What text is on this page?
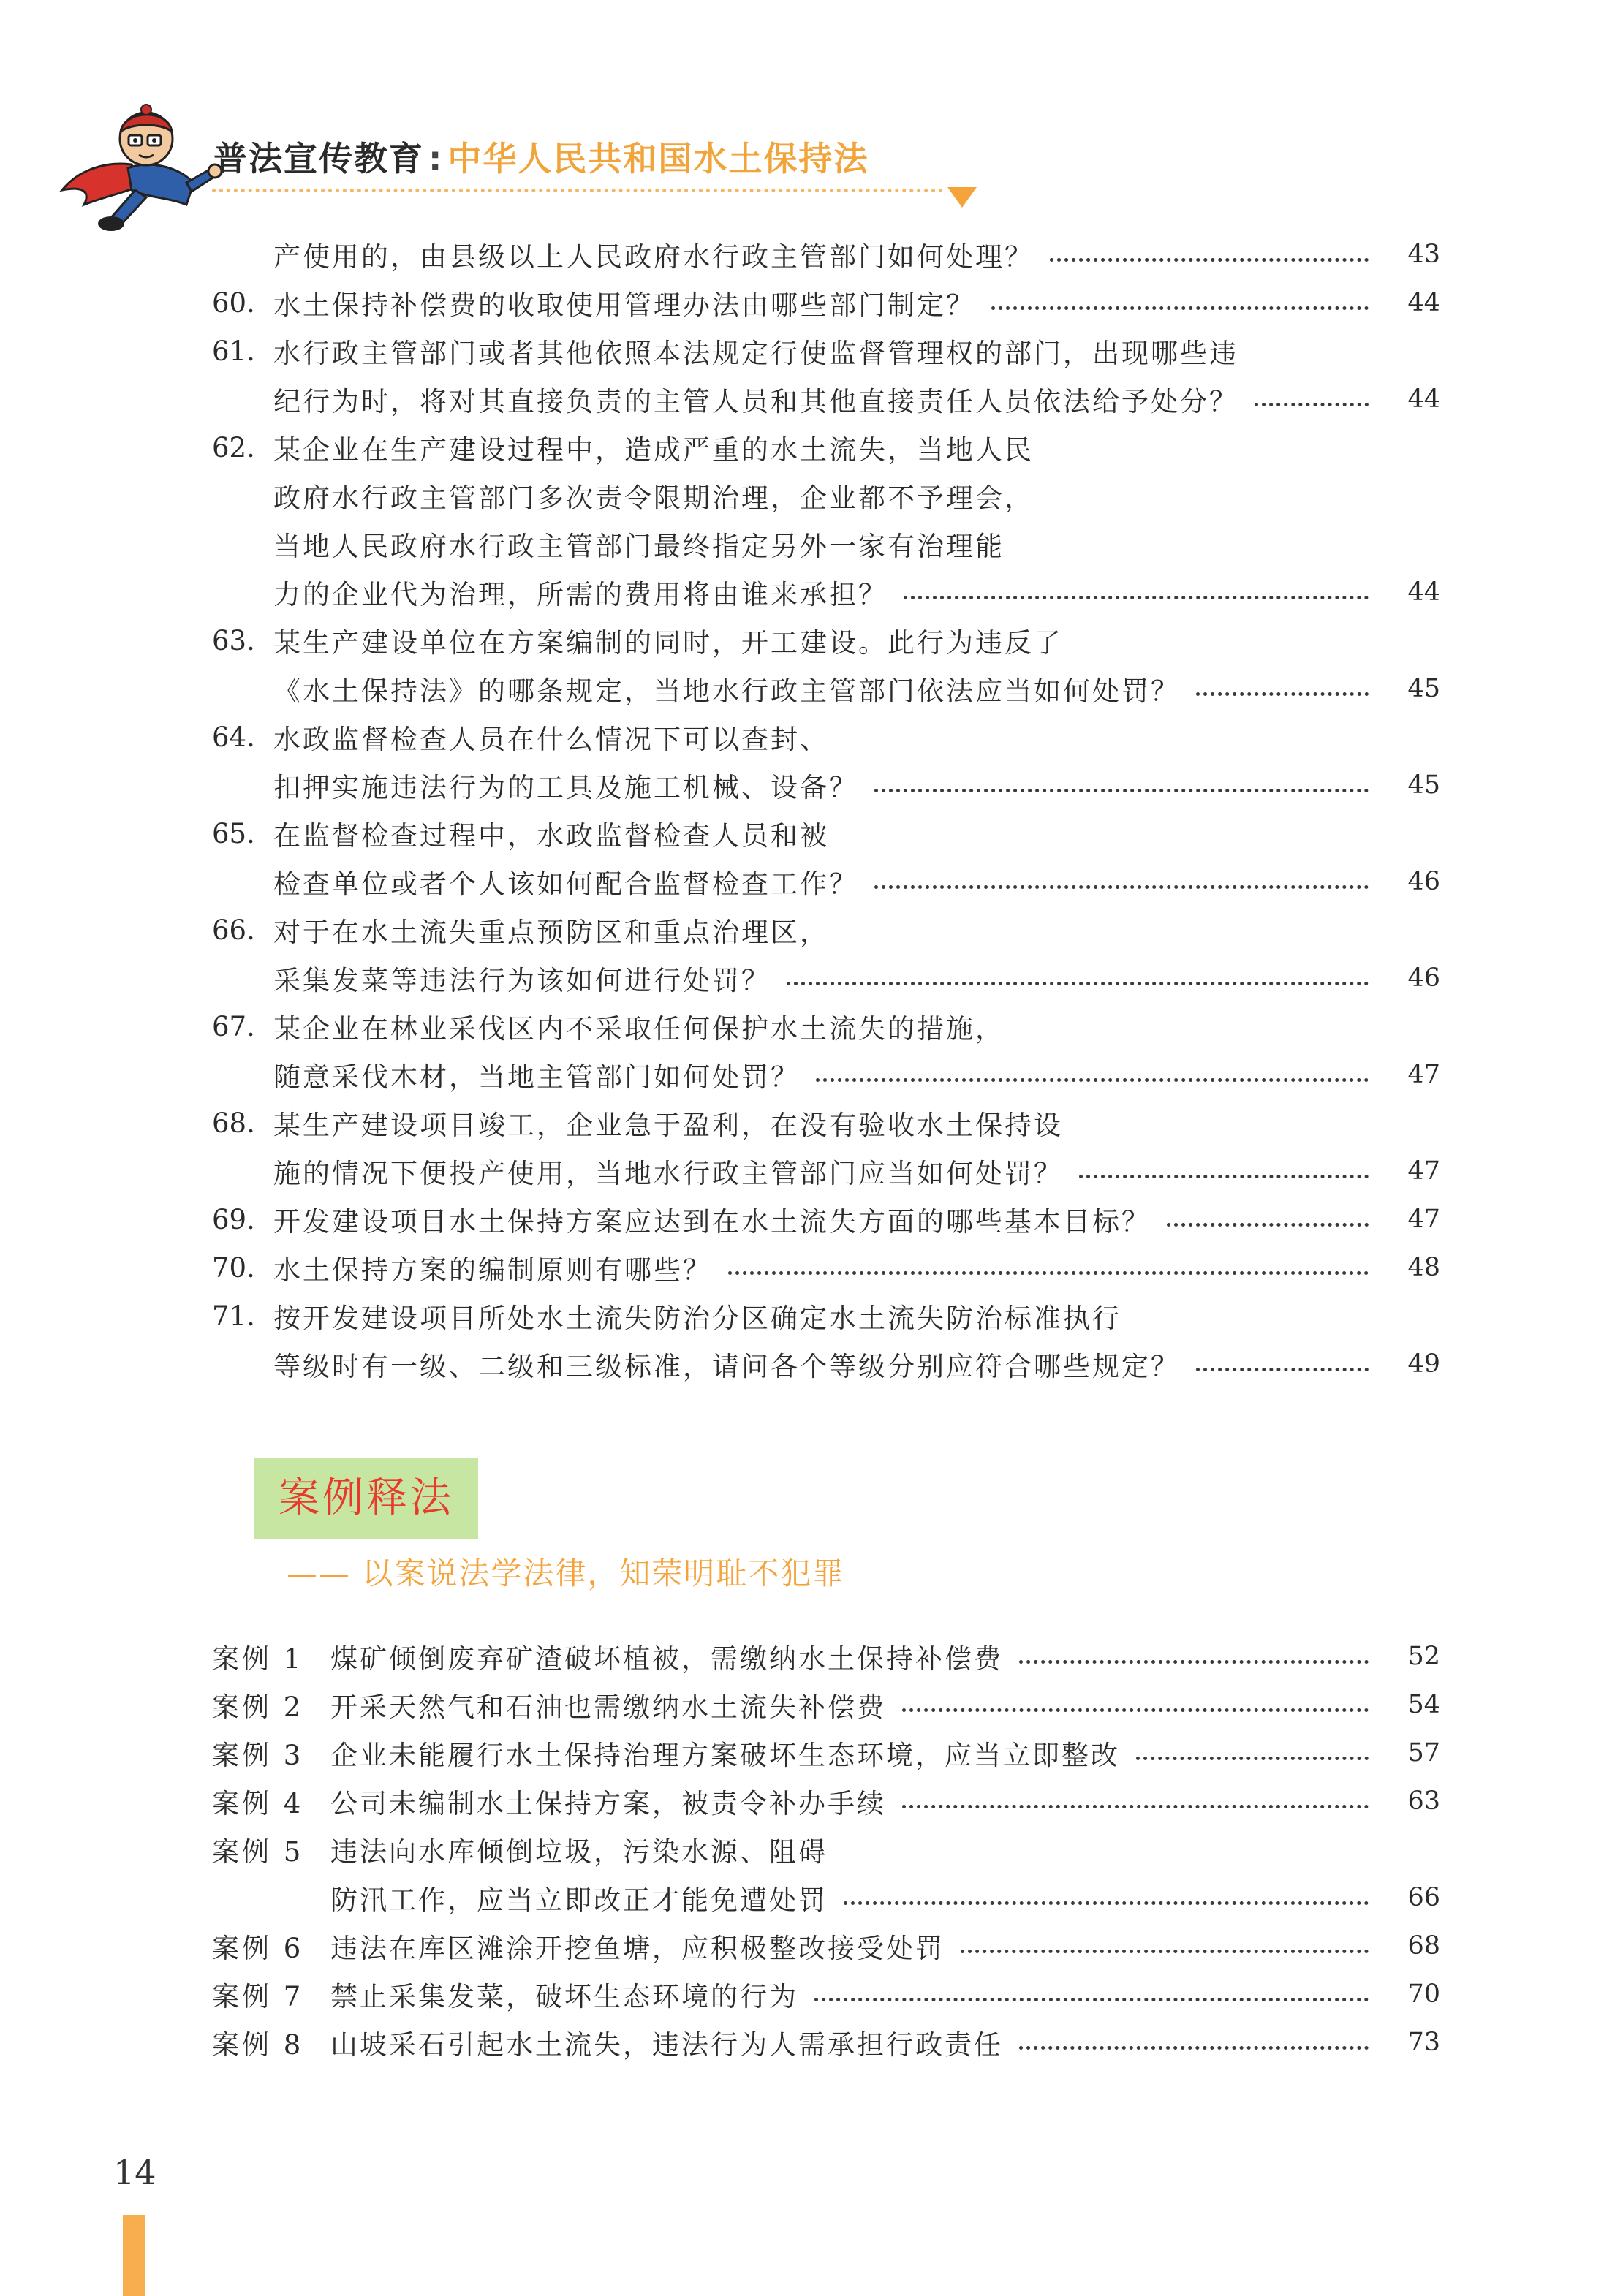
普法宣传教育 : 中华人民共和国水土保持法
产使用的，由县级以上人民政府水行政主管部门如何处理？	43
60. 水土保持补偿费的收取使用管理办法由哪些部门制定？	44
61. 水行政主管部门或者其他依照本法规定行使监督管理权的部门，出现哪些违
纪行为时，将对其直接负责的主管人员和其他直接责任人员依法给予处分？	44
62. 某企业在生产建设过程中，造成严重的水土流失，当地人民
政府水行政主管部门多次责令限期治理，企业都不予理会，
当地人民政府水行政主管部门最终指定另外一家有治理能
力的企业代为治理，所需的费用将由谁来承担？	44
63. 某生产建设单位在方案编制的同时，开工建设。此行为违反了
《水土保持法》的哪条规定，当地水行政主管部门依法应当如何处罚？	45
64. 水政监督检查人员在什么情况下可以查封、
扣押实施违法行为的工具及施工机械、设备？	45
65. 在监督检查过程中，水政监督检查人员和被
检查单位或者个人该如何配合监督检查工作？	46
66. 对于在水土流失重点预防区和重点治理区，
采集发菜等违法行为该如何进行处罚？	46
67. 某企业在林业采伐区内不采取任何保护水土流失的措施，
随意采伐木材，当地主管部门如何处罚？	47
68. 某生产建设项目竣工，企业急于盈利，在没有验收水土保持设
施的情况下便投产使用，当地水行政主管部门应当如何处罚？	47
69. 开发建设项目水土保持方案应达到在水土流失方面的哪些基本目标？	47
70. 水土保持方案的编制原则有哪些？	48
71. 按开发建设项目所处水土流失防治分区确定水土流失防治标准执行
等级时有一级、二级和三级标准，请问各个等级分别应符合哪些规定？	49
案例释法
—— 以案说法学法律，知荣明耻不犯罪
案例 1 煤矿倾倒废弃矿渣破坏植被，需缴纳水土保持补偿费	52
案例 2 开采天然气和石油也需缴纳水土流失补偿费	54
案例 3 企业未能履行水土保持治理方案破坏生态环境，应当立即整改	57
案例 4 公司未编制水土保持方案，被责令补办手续	63
案例 5 违法向水库倾倒垃圾，污染水源、阻碍
防汛工作，应当立即改正才能免遭处罚	66
案例 6 违法在库区滩涂开挖鱼塘，应积极整改接受处罚	68
案例 7 禁止采集发菜，破坏生态环境的行为	70
案例 8 山坡采石引起水土流失，违法行为人需承担行政责任	73
14
